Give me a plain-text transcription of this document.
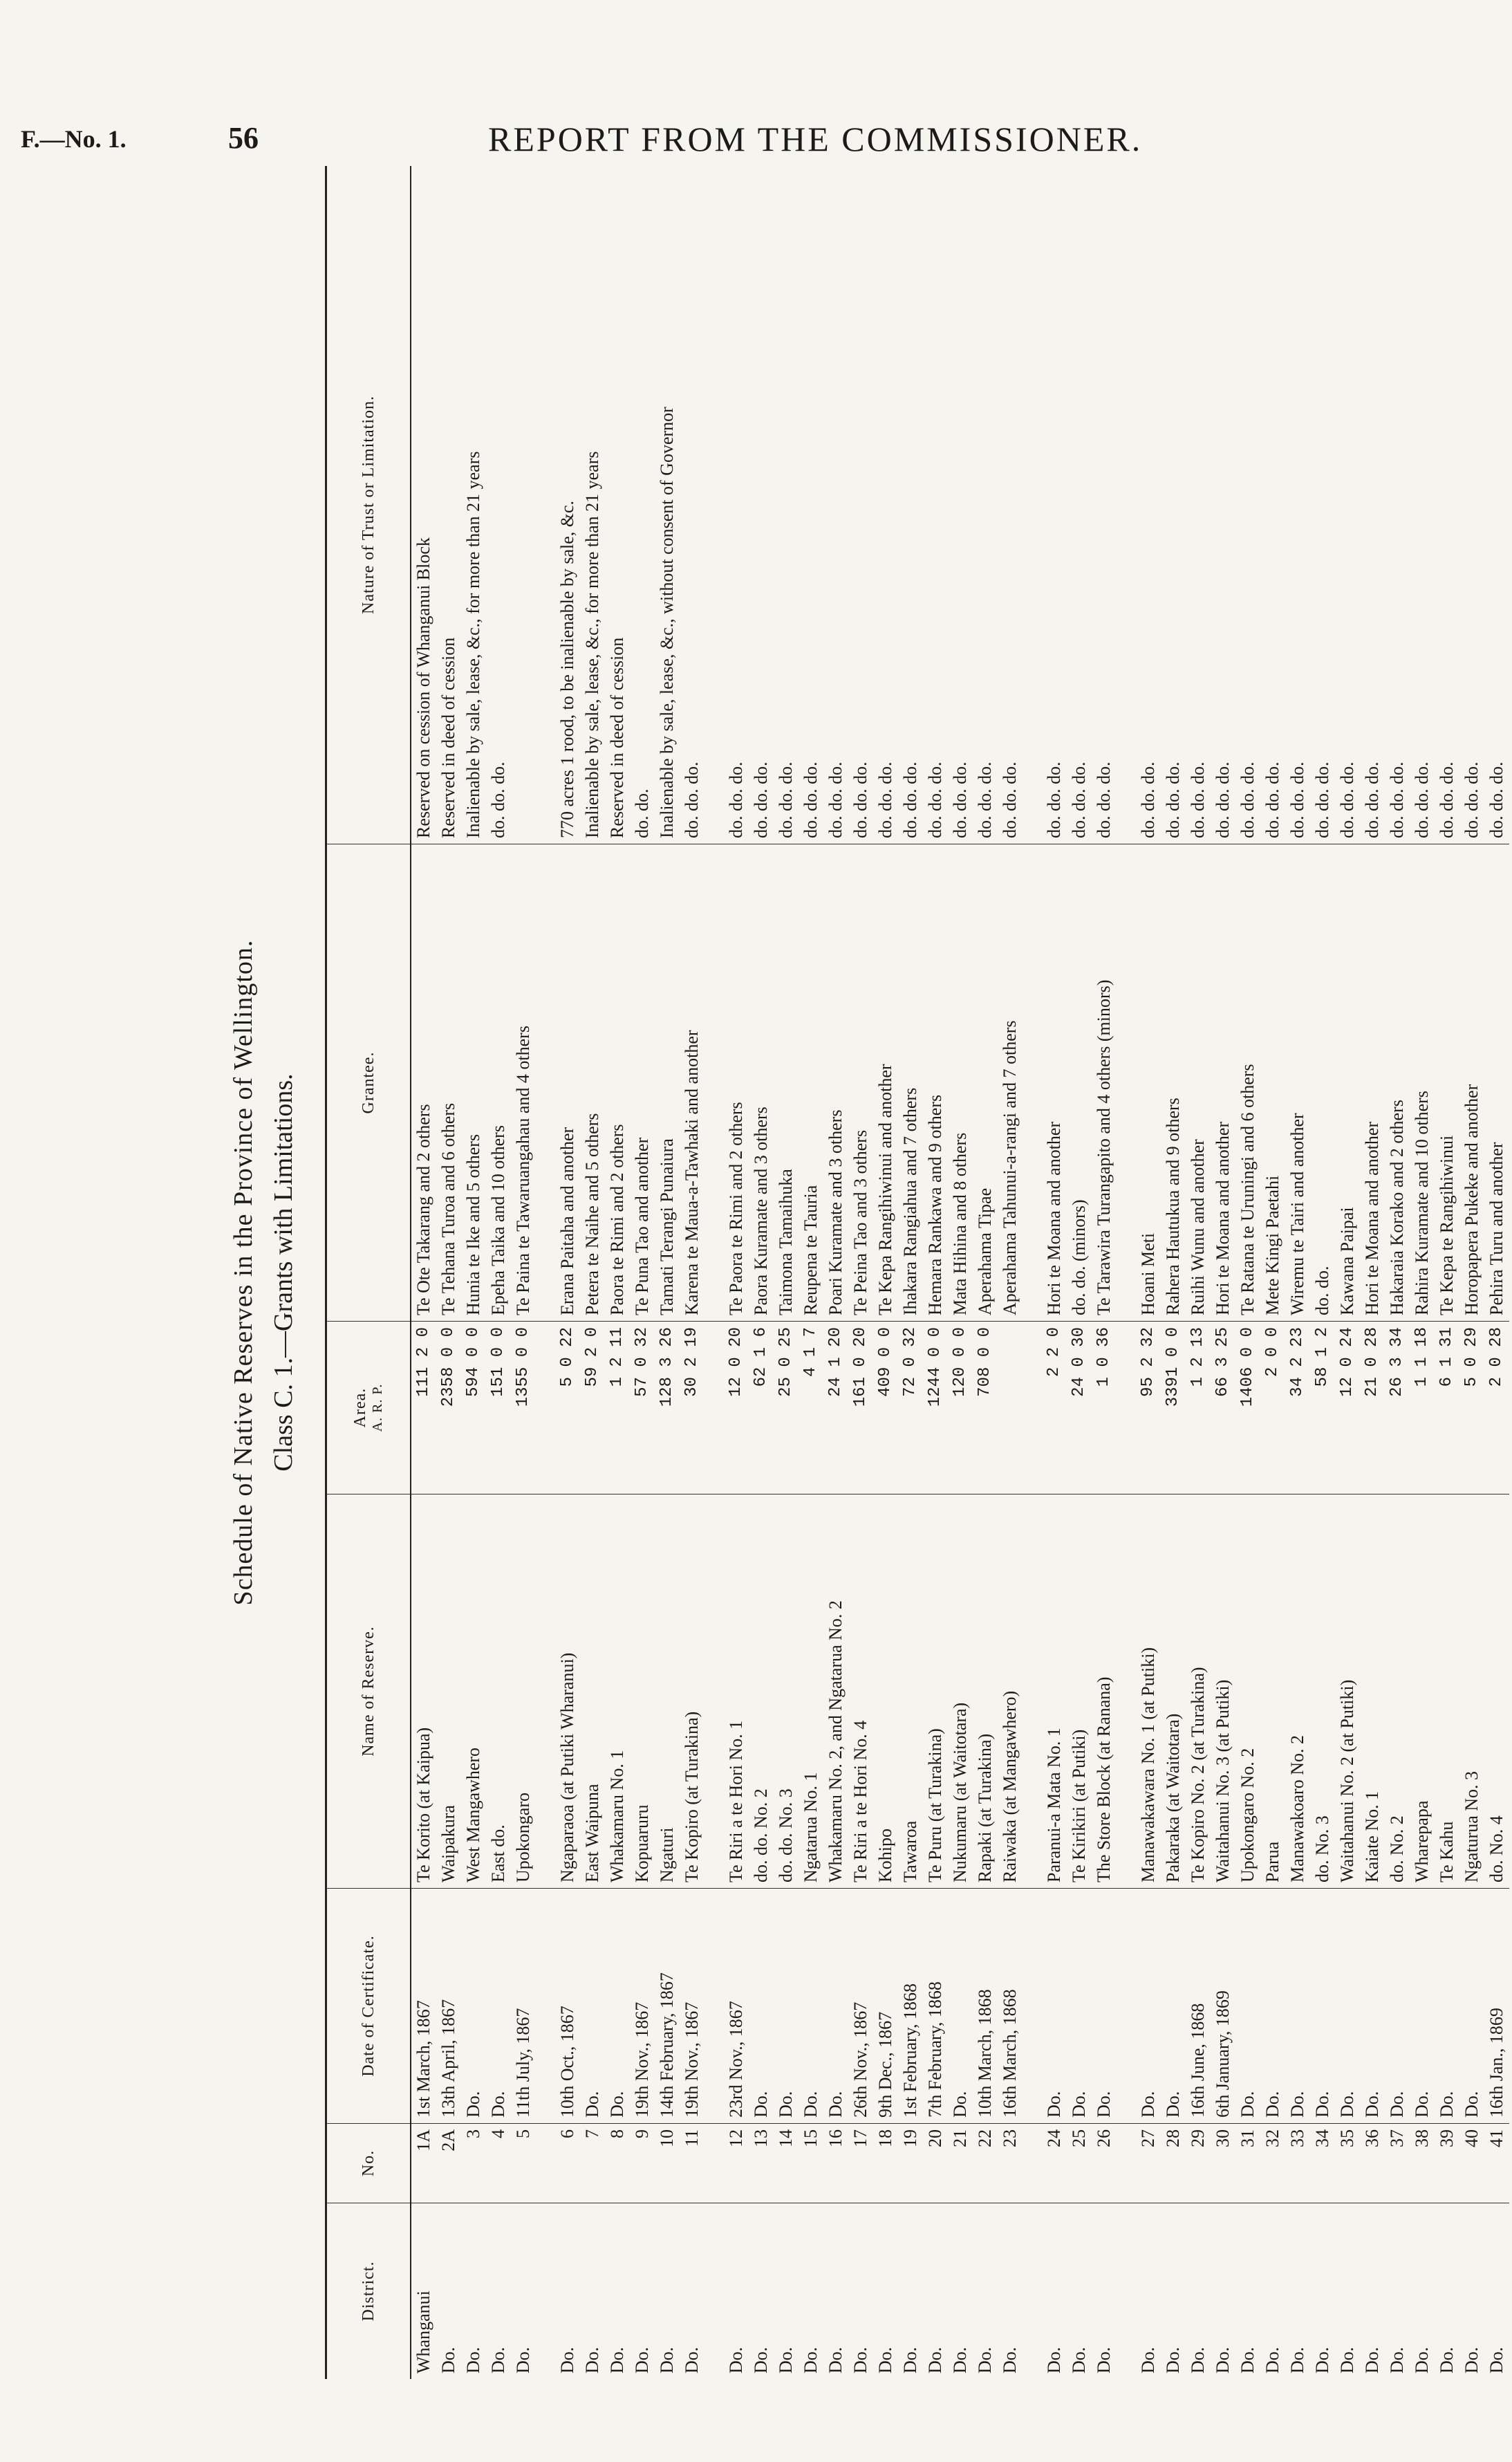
F.—No. 1.	56	REPORT FROM THE COMMISSIONER.
Schedule of Native Reserves in the Province of Wellington. Class C. 1.—Grants with Limitations.
District.
No.
Date of Certificate.
Name of Reserve.
Area. A. R. P.
Grantee.
Nature of Trust or Limitation.
Whanganui
1A
1st March, 1867
Te Korito (at Kaipua)
111 2 0
Te Ote Takarang and 2 others
Reserved on cession of Whanganui Block
Do.
2A
13th April, 1867
Waipakura
2358 0 0
Te Tehana Turoa and 6 others
Reserved in deed of cession
Do.
3
Do.
West Mangawhero
594 0 0
Hunia te Ike and 5 others
Inalienable by sale, lease, &c., for more than 21 years
Do.
4
Do.
East do.
151 0 0
Epeha Taika and 10 others
do. do. do.
Do.
5
11th July, 1867
Upokongaro
1355 0 0
Te Paina te Tawaruangahau and 4 others
Do.
6
10th Oct., 1867
Ngaparaoa (at Putiki Wharanui)
5 0 22
Erana Paitaha and another
770 acres 1 rood, to be inalienable by sale, &c.
Do.
7
Do.
East Waipuna
59 2 0
Petera te Naihe and 5 others
Inalienable by sale, lease, &c., for more than 21 years
Do.
8
Do.
Whakamaru No. 1
1 2 11
Paora te Rimi and 2 others
Reserved in deed of cession
Do.
9
19th Nov., 1867
Kopuaruru
57 0 32
Te Puna Tao and another
do. do.
Do.
10
14th February, 1867
Ngaturi
128 3 26
Tamati Terangi Punaiura
Inalienable by sale, lease, &c., without consent of Governor
Do.
11
19th Nov., 1867
Te Kopiro (at Turakina)
30 2 19
Karena te Maua-a-Tawhaki and another
do. do. do.
Do.
12
23rd Nov., 1867
Te Riri a te Hori No. 1
12 0 20
Te Paora te Rimi and 2 others
do. do. do.
Do.
13
Do.
do. do. No. 2
62 1 6
Paora Kuramate and 3 others
do. do. do.
Do.
14
Do.
do. do. No. 3
25 0 25
Taimona Tamaihuka
do. do. do.
Do.
15
Do.
Ngatarua No. 1
4 1 7
Reupena te Tauria
do. do. do.
Do.
16
Do.
Whakamaru No. 2, and Ngatarua No. 2
24 1 20
Poari Kuramate and 3 others
do. do. do.
Do.
17
26th Nov., 1867
Te Riri a te Hori No. 4
161 0 20
Te Peina Tao and 3 others
do. do. do.
Do.
18
9th Dec., 1867
Kohipo
409 0 0
Te Kepa Rangihiwinui and another
do. do. do.
Do.
19
1st February, 1868
Tawaroa
72 0 32
Ihakara Rangiahua and 7 others
do. do. do.
Do.
20
7th February, 1868
Te Puru (at Turakina)
1244 0 0
Hemara Rankawa and 9 others
do. do. do.
Do.
21
Do.
Nukumaru (at Waitotara)
120 0 0
Mata Hihina and 8 others
do. do. do.
Do.
22
10th March, 1868
Rapaki (at Turakina)
708 0 0
Aperahama Tipae
do. do. do.
Do.
23
16th March, 1868
Raiwaka (at Mangawhero)
Aperahama Tahunui-a-rangi and 7 others
do. do. do.
Do.
24
Do.
Paranui-a Mata No. 1
2 2 0
Hori te Moana and another
do. do. do.
Do.
25
Do.
Te Kirikiri (at Putiki)
24 0 30
do. do. (minors)
do. do. do.
Do.
26
Do.
The Store Block (at Ranana)
1 0 36
Te Tarawira Turangapito and 4 others (minors)
do. do. do.
Do.
27
Do.
Manawakawara No. 1 (at Putiki)
95 2 32
Hoani Meti
do. do. do.
Do.
28
Do.
Pakaraka (at Waitotara)
3391 0 0
Rahera Hautukua and 9 others
do. do. do.
Do.
29
16th June, 1868
Te Kopiro No. 2 (at Turakina)
1 2 13
Ruihi Wunu and another
do. do. do.
Do.
30
6th January, 1869
Waitahanui No. 3 (at Putiki)
66 3 25
Hori te Moana and another
do. do. do.
Do.
31
Do.
Upokongaro No. 2
1406 0 0
Te Ratana te Uruningi and 6 others
do. do. do.
Do.
32
Do.
Parua
2 0 0
Mete Kingi Paetahi
do. do. do.
Do.
33
Do.
Manawakoaro No. 2
34 2 23
Wiremu te Tairi and another
do. do. do.
Do.
34
Do.
do. No. 3
58 1 2
do. do.
do. do. do.
Do.
35
Do.
Waitahanui No. 2 (at Putiki)
12 0 24
Kawana Paipai
do. do. do.
Do.
36
Do.
Kaiate No. 1
21 0 28
Hori te Moana and another
do. do. do.
Do.
37
Do.
do. No. 2
26 3 34
Hakaraia Korako and 2 others
do. do. do.
Do.
38
Do.
Wharepapa
1 1 18
Rahira Kuramate and 10 others
do. do. do.
Do.
39
Do.
Te Kahu
6 1 31
Te Kepa te Rangihiwinui
do. do. do.
Do.
40
Do.
Ngaturua No. 3
5 0 29
Horopapera Pukeke and another
do. do. do.
Do.
41
16th Jan., 1869
do. No. 4
2 0 28
Pehira Turu and another
do. do. do.
